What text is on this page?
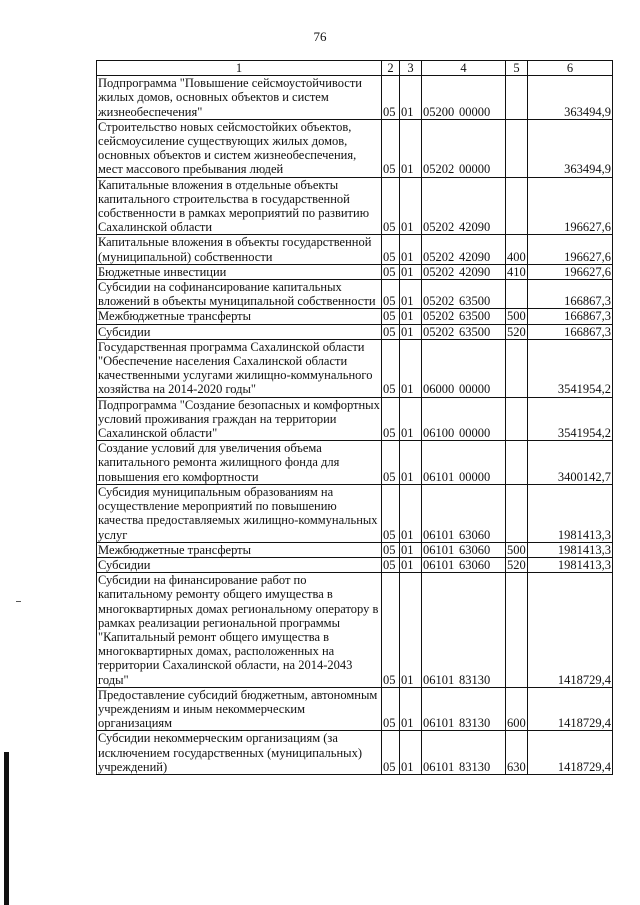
76
1	2	3	4	5	6
Подпрограмма "Повышение сейсмоустойчивости жилых домов, основных объектов и систем жизнеобеспечения"	05	01	05200 00000		363494,9
Строительство новых сейсмостойких объектов, сейсмоусиление существующих жилых домов, основных объектов и систем жизнеобеспечения, мест массового пребывания людей	05	01	05202 00000		363494,9
Капитальные вложения в отдельные объекты капитального строительства в государственной собственности в рамках мероприятий по развитию Сахалинской области	05	01	05202 42090		196627,6
Капитальные вложения в объекты государственной (муниципальной) собственности	05	01	05202 42090	400	196627,6
Бюджетные инвестиции	05	01	05202 42090	410	196627,6
Субсидии на софинансирование капитальных вложений в объекты муниципальной собственности	05	01	05202 63500		166867,3
Межбюджетные трансферты	05	01	05202 63500	500	166867,3
Субсидии	05	01	05202 63500	520	166867,3
Государственная программа Сахалинской области "Обеспечение населения Сахалинской области качественными услугами жилищно-коммунального хозяйства на 2014-2020 годы"	05	01	06000 00000		3541954,2
Подпрограмма "Создание безопасных и комфортных условий проживания граждан на территории Сахалинской области"	05	01	06100 00000		3541954,2
Создание условий для увеличения объема капитального ремонта жилищного фонда для повышения его комфортности	05	01	06101 00000		3400142,7
Субсидия муниципальным образованиям на осуществление мероприятий по повышению качества предоставляемых жилищно-коммунальных услуг	05	01	06101 63060		1981413,3
Межбюджетные трансферты	05	01	06101 63060	500	1981413,3
Субсидии	05	01	06101 63060	520	1981413,3
Субсидии на финансирование работ по капитальному ремонту общего имущества в многоквартирных домах региональному оператору в рамках реализации региональной программы "Капитальный ремонт общего имущества в многоквартирных домах, расположенных на территории Сахалинской области, на 2014-2043 годы"	05	01	06101 83130		1418729,4
Предоставление субсидий бюджетным, автономным учреждениям и иным некоммерческим организациям	05	01	06101 83130	600	1418729,4
Субсидии некоммерческим организациям (за исключением государственных (муниципальных) учреждений)	05	01	06101 83130	630	1418729,4
